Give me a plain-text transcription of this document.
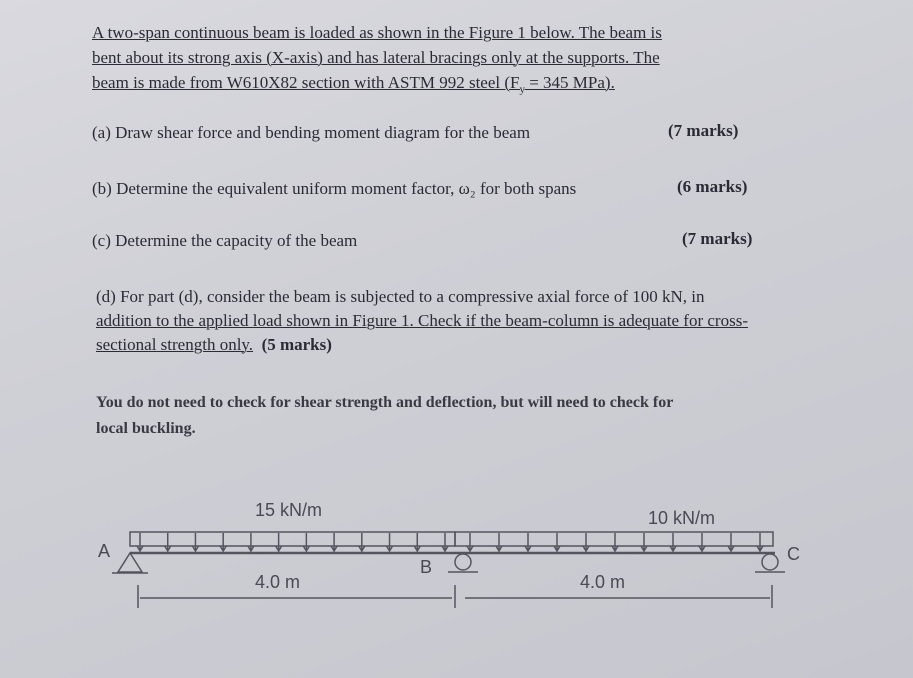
A two-span continuous beam is loaded as shown in the Figure 1 below. The beam is

bent about its strong axis (X-axis) and has lateral bracings only at the supports. The

beam is made from W610X82 section with ASTM 992 steel ($F_y = 345$ MPa).

(a) Draw shear force and bending moment diagram for the beam	(7 marks)
(b) Determine the equivalent uniform moment factor, ω₂ for both spans	(6 marks)
(c) Determine the capacity of the beam	(7 marks)
(d) For part (d), consider the beam is subjected to a compressive axial force of 100 kN, in
addition to the applied load shown in Figure 1. Check if the beam-column is adequate for cross-
sectional strength only. (5 marks)
You do not need to check for shear strength and deflection, but will need to check for
local buckling.
15 kN/m	10 kN/m
A
B
C
4.0 m	4.0 m
